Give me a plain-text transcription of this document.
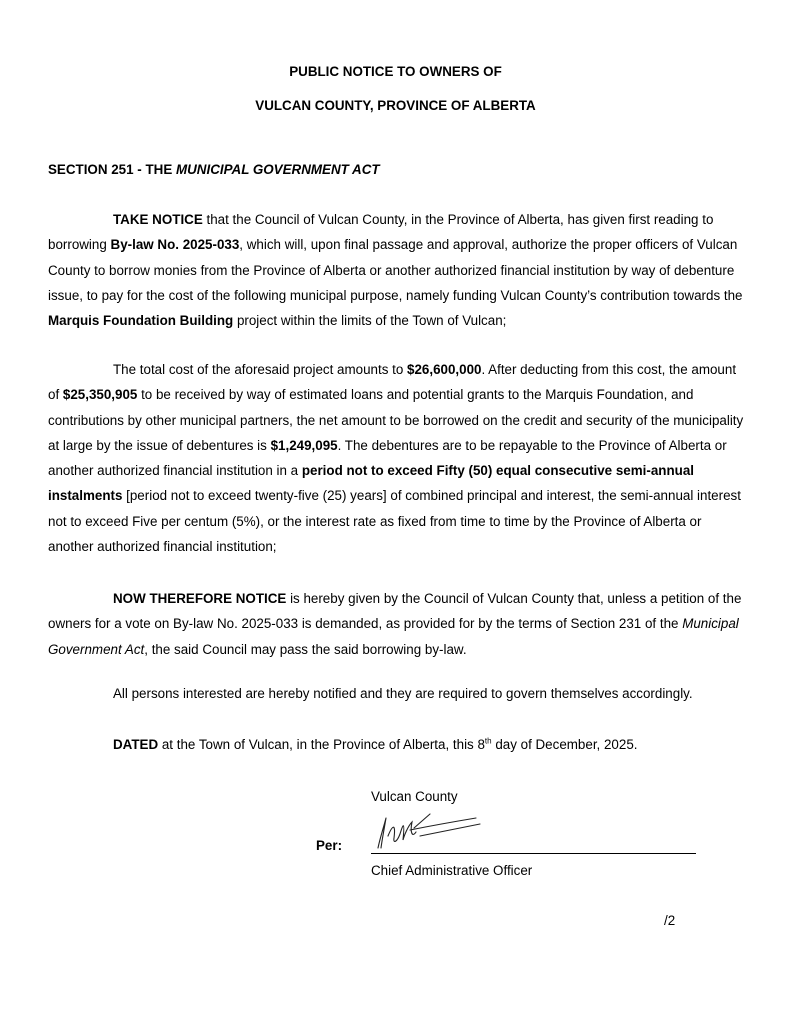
PUBLIC NOTICE TO OWNERS OF
VULCAN COUNTY, PROVINCE OF ALBERTA
SECTION 251 - THE MUNICIPAL GOVERNMENT ACT

TAKE NOTICE that the Council of Vulcan County, in the Province of Alberta, has given first reading to borrowing By-law No. 2025-033, which will, upon final passage and approval, authorize the proper officers of Vulcan County to borrow monies from the Province of Alberta or another authorized financial institution by way of debenture issue, to pay for the cost of the following municipal purpose, namely funding Vulcan County’s contribution towards the Marquis Foundation Building project within the limits of the Town of Vulcan;

The total cost of the aforesaid project amounts to $26,600,000. After deducting from this cost, the amount of $25,350,905 to be received by way of estimated loans and potential grants to the Marquis Foundation, and contributions by other municipal partners, the net amount to be borrowed on the credit and security of the municipality at large by the issue of debentures is $1,249,095. The debentures are to be repayable to the Province of Alberta or another authorized financial institution in a period not to exceed Fifty (50) equal consecutive semi-annual instalments [period not to exceed twenty-five (25) years] of combined principal and interest, the semi-annual interest not to exceed Five per centum (5%), or the interest rate as fixed from time to time by the Province of Alberta or another authorized financial institution;

NOW THEREFORE NOTICE is hereby given by the Council of Vulcan County that, unless a petition of the owners for a vote on By-law No. 2025-033 is demanded, as provided for by the terms of Section 231 of the Municipal Government Act, the said Council may pass the said borrowing by-law.

All persons interested are hereby notified and they are required to govern themselves accordingly.

DATED at the Town of Vulcan, in the Province of Alberta, this 8th day of December, 2025.

Vulcan County
Per:
Chief Administrative Officer
/2
